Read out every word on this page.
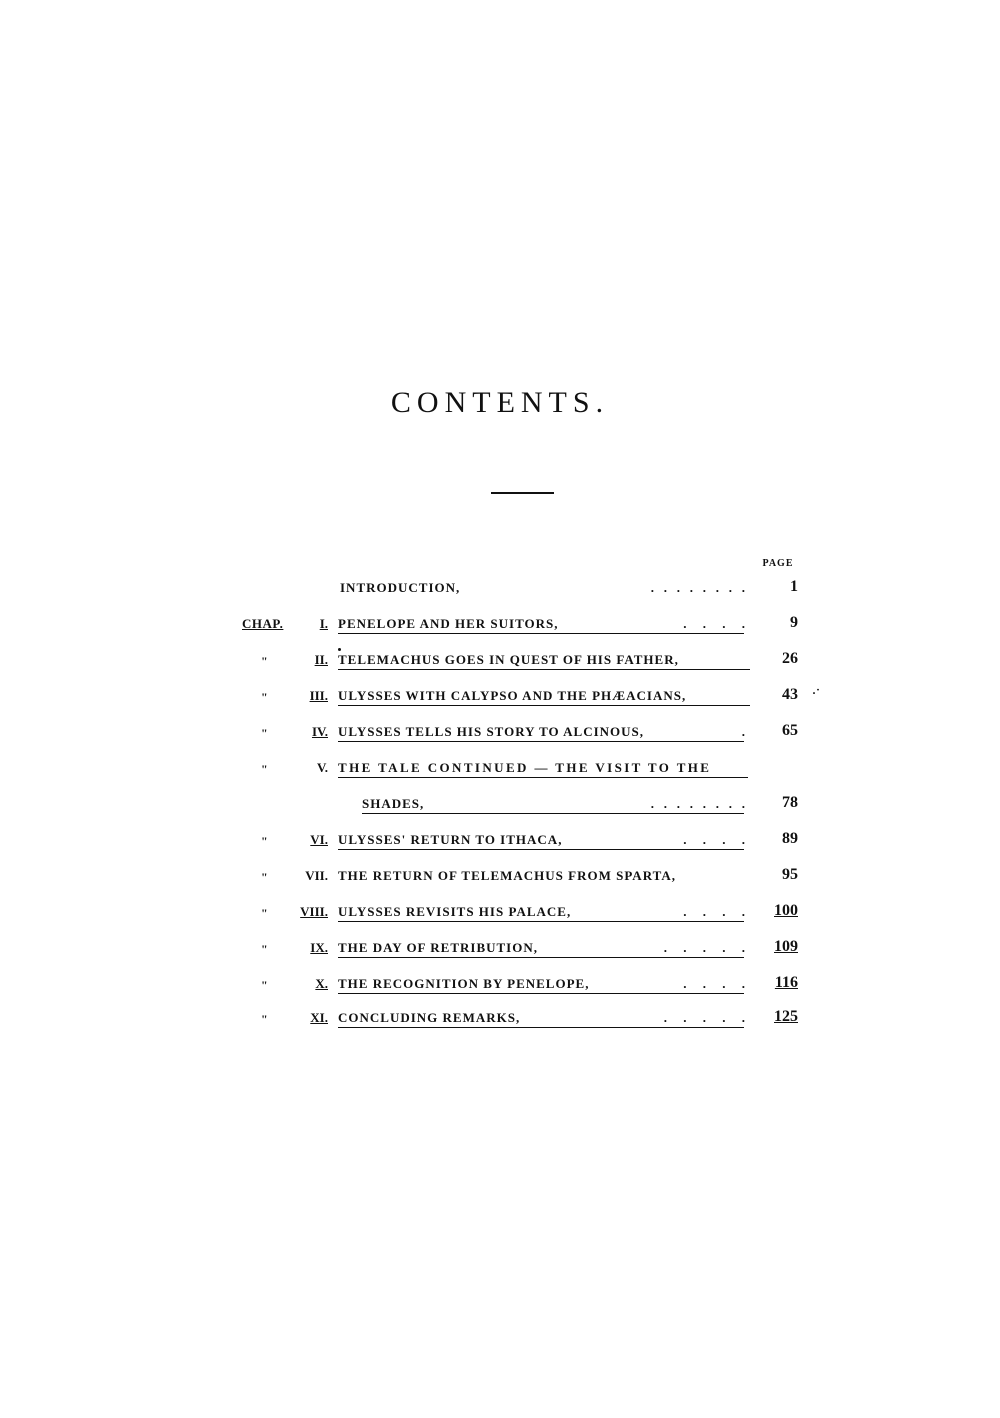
CONTENTS.
PAGE
INTRODUCTION,	.   .   .   .   .   .   .   .	1
CHAP.	I. PENELOPE AND HER SUITORS,	.     .     .     .	9
"	II. TELEMACHUS GOES IN QUEST OF HIS FATHER,	26
"	III. ULYSSES WITH CALYPSO AND THE PHÆACIANS,	43 ·˙
"	IV. ULYSSES TELLS HIS STORY TO ALCINOUS,	.	65
"	V. THE TALE CONTINUED — THE VISIT TO THE
SHADES,	.   .   .   .   .   .   .   .	78
"	VI. ULYSSES' RETURN TO ITHACA,	.     .     .     .	89
"	VII. THE RETURN OF TELEMACHUS FROM SPARTA,	95
"	VIII. ULYSSES REVISITS HIS PALACE,	.     .     .     .	100
"	IX. THE DAY OF RETRIBUTION,	.     .     .     .     .	109
"	X. THE RECOGNITION BY PENELOPE,	.     .     .     .	116
"	XI. CONCLUDING REMARKS,	.     .     .     .     .	125
